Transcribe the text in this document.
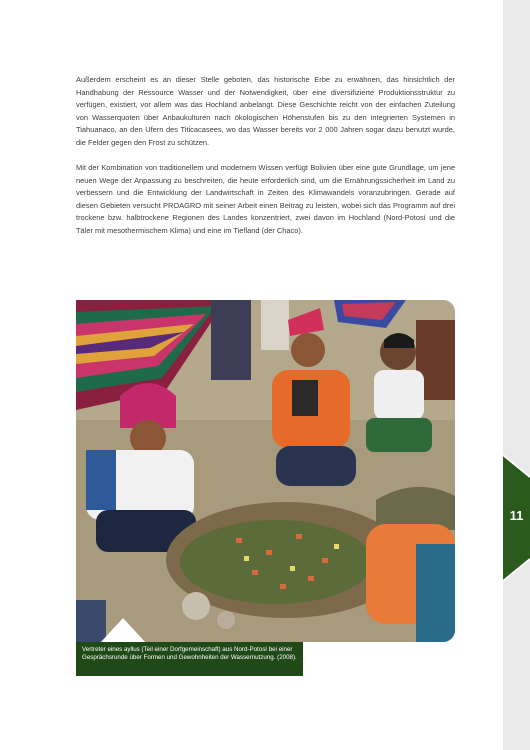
11

Außerdem erscheint es an dieser Stelle geboten, das historische Erbe zu erwähnen, das hinsichtlich der Handhabung der Ressource Wasser und der Notwendigkeit, über eine diversifizierte Produktionsstruktur zu verfügen, existiert, vor allem was das Hochland anbelangt. Diese Geschichte reicht von der einfachen Zuteilung von Wasserquoten über Anbaukulturen nach ökologischen Höhenstufen bis zu den integrierten Systemen in Tiahuanaco, an den Ufern des Titicacasees, wo das Wasser bereits vor 2 000 Jahren sogar dazu benutzt wurde, die Felder gegen den Frost zu schützen.

Mit der Kombination von traditionellem und modernem Wissen verfügt Bolivien über eine gute Grundlage, um jene neuen Wege der Anpassung zu beschreiten, die heute erforderlich sind, um die Ernährungssicherheit im Land zu verbessern und die Entwicklung der Landwirtschaft in Zeiten des Klimawandels voranzubringen. Gerade auf diesen Gebieten versucht PROAGRO mit seiner Arbeit einen Beitrag zu leisten, wobei sich das Programm auf drei trockene bzw. halbtrockene Regionen des Landes konzentriert, zwei davon im Hochland (Nord-Potosí und die Täler mit mesothermischem Klima) und eine im Tiefland (der Chaco).

Vertreter eines ayllus (Teil einer Dorfgemeinschaft) aus Nord-Potosí bei einer Gesprächsrunde über Formen und Gewohnheiten der Wassernutzung. (2008).
